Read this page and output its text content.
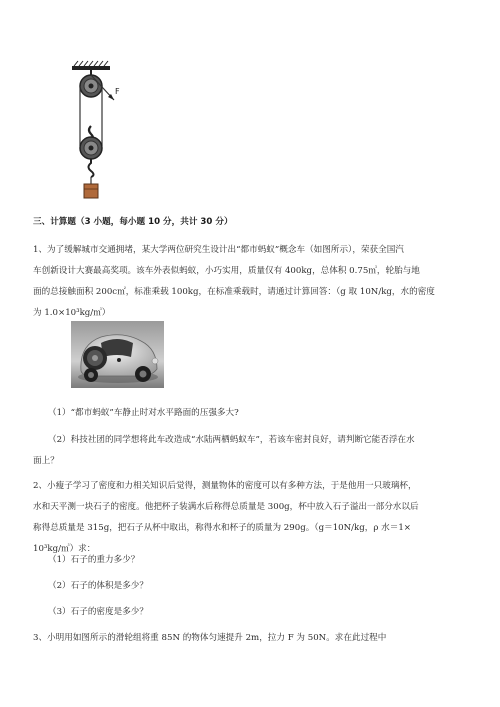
F
三、计算题（3 小题，每小题 10 分，共计 30 分）
1、为了缓解城市交通拥堵，某大学两位研究生设计出“都市蚂蚁”概念车（如图所示），荣获全国汽
车创新设计大赛最高奖项。该车外表似蚂蚁，小巧实用，质量仅有 400kg，总体积 0.75㎥，轮胎与地
面的总接触面积 200c㎡，标准乘载 100kg，在标准乘载时，请通过计算回答：（g 取 10N/kg，水的密度
为 1.0×10³kg/㎥）
（1）“都市蚂蚁”车静止时对水平路面的压强多大?
（2）科技社团的同学想将此车改造成“水陆两栖蚂蚁车”，若该车密封良好，请判断它能否浮在水
面上？
2、小瘦子学习了密度和力相关知识后觉得，测量物体的密度可以有多种方法，于是他用一只玻璃杯，
水和天平测一块石子的密度。他把杯子装满水后称得总质量是 300g，杯中放入石子溢出一部分水以后
称得总质量是 315g，把石子从杯中取出，称得水和杯子的质量为 290g。（g＝10N/kg，ρ 水＝1×
10³kg/㎥）求：
（1）石子的重力多少？
（2）石子的体积是多少？
（3）石子的密度是多少？
3、小明用如图所示的滑轮组将重 85N 的物体匀速提升 2m，拉力 F 为 50N。求在此过程中
